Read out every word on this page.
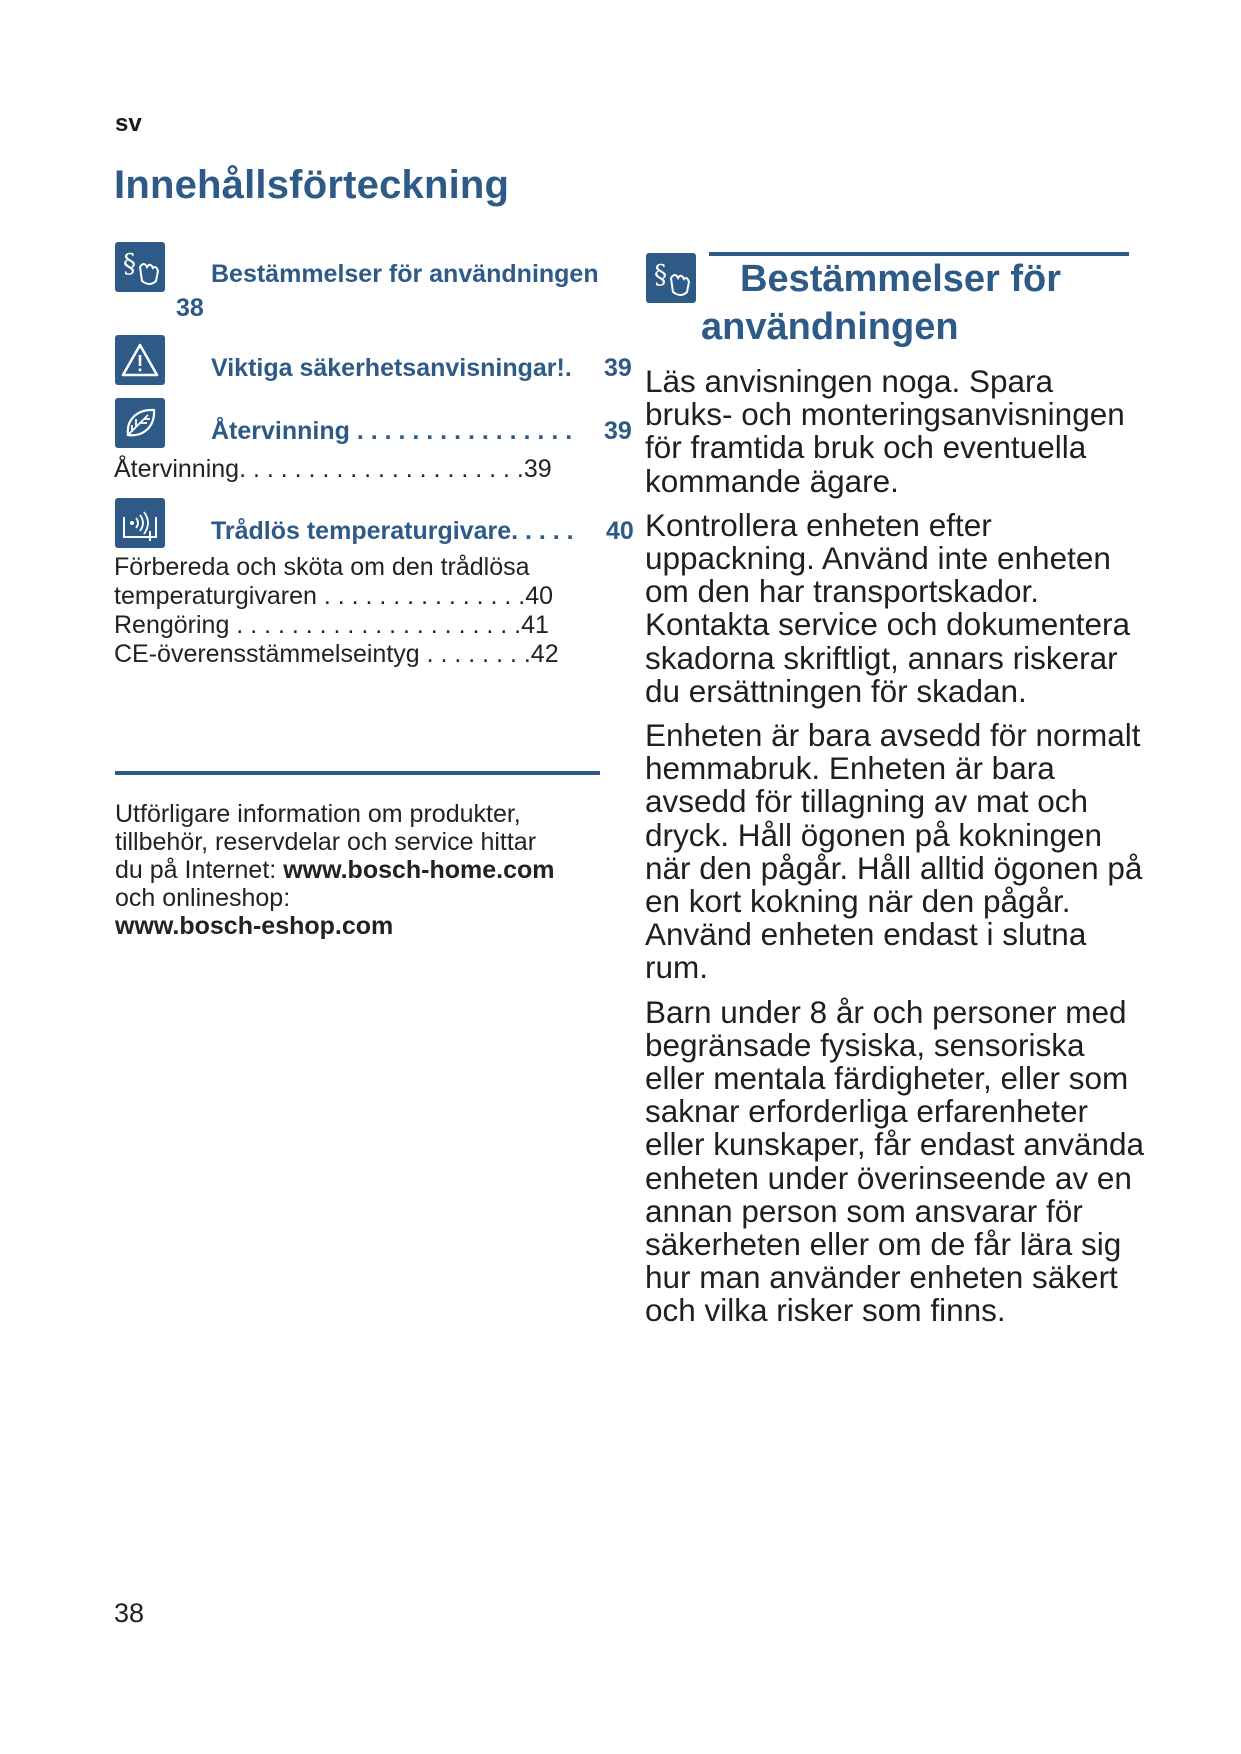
sv
Innehållsförteckning
§	Bestämmelser för användningen
38
Viktiga säkerhetsanvisningar!. 39
Återvinning . . . . . . . . . . . . . . . . 39
Återvinning. . . . . . . . . . . . . . . . . . . . .39
Trådlös temperaturgivare. . . . . 40
Förbereda och sköta om den trådlösa
temperaturgivaren . . . . . . . . . . . . . . .40
Rengöring . . . . . . . . . . . . . . . . . . . . .41
CE-överensstämmelseintyg . . . . . . . .42
Utförligare information om produkter,
tillbehör, reservdelar och service hittar
du på Internet: www.bosch-home.com
och onlineshop:
www.bosch-eshop.com
§ Bestämmelser för
användningen

Läs anvisningen noga. Spara bruks- och monteringsanvisningen för framtida bruk och eventuella kommande ägare.

Kontrollera enheten efter uppackning. Använd inte enheten om den har transportskador. Kontakta service och dokumentera skadorna skriftligt, annars riskerar du ersättningen för skadan.

Enheten är bara avsedd för normalt hemmabruk. Enheten är bara avsedd för tillagning av mat och dryck. Håll ögonen på kokningen när den pågår. Håll alltid ögonen på en kort kokning när den pågår. Använd enheten endast i slutna rum.

Barn under 8 år och personer med begränsade fysiska, sensoriska eller mentala färdigheter, eller som saknar erforderliga erfarenheter eller kunskaper, får endast använda enheten under överinseende av en annan person som ansvarar för säkerheten eller om de får lära sig hur man använder enheten säkert och vilka risker som finns.

38
